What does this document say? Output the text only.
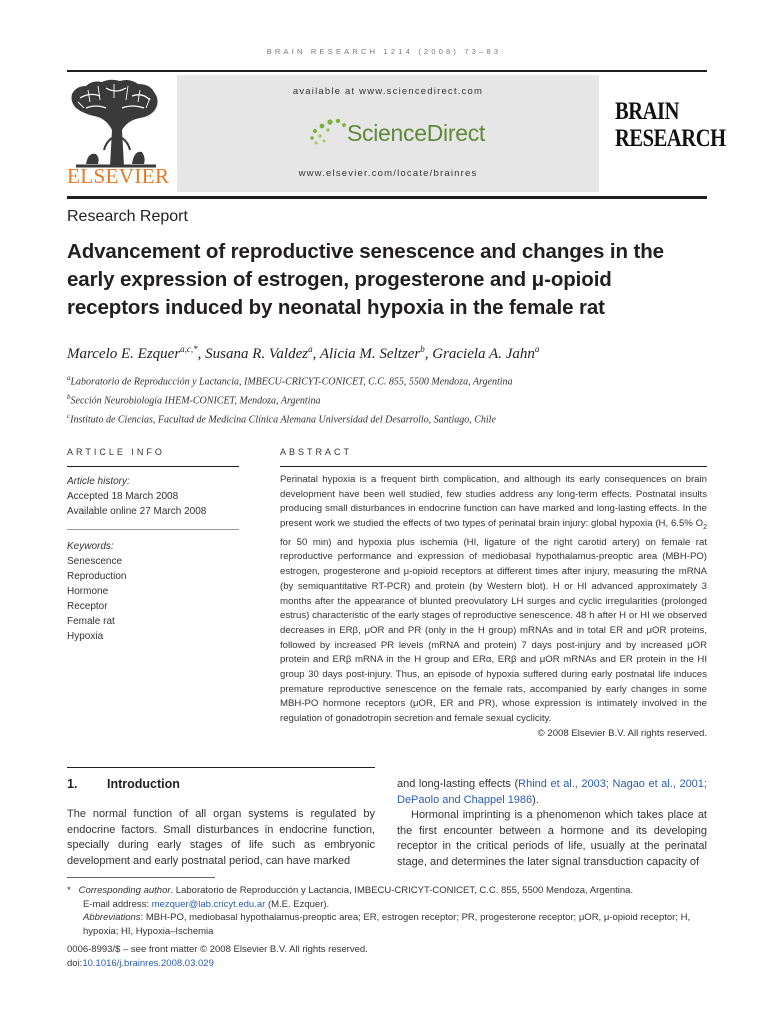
BRAIN RESEARCH 1214 (2008) 73–83
ELSEVIER
available at www.sciencedirect.com
ScienceDirect
www.elsevier.com/locate/brainres
BRAIN
RESEARCH
Research Report
Advancement of reproductive senescence and changes in the
early expression of estrogen, progesterone and μ-opioid
receptors induced by neonatal hypoxia in the female rat
Marcelo E. Ezquer$^{a,c,*}$, Susana R. Valdez$^a$, Alicia M. Seltzer$^b$, Graciela A. Jahn$^a$
$^a$Laboratorio de Reproducción y Lactancia, IMBECU-CRICYT-CONICET, C.C. 855, 5500 Mendoza, Argentina
$^b$Sección Neurobiología IHEM-CONICET, Mendoza, Argentina
$^c$Instituto de Ciencias, Facultad de Medicina Clínica Alemana Universidad del Desarrollo, Santiago, Chile
ARTICLE INFO	ABSTRACT
Article history:
Accepted 18 March 2008
Available online 27 March 2008
Keywords:
Senescence
Reproduction
Hormone
Receptor
Female rat
Hypoxia
Perinatal hypoxia is a frequent birth complication, and although its early consequences on brain development have been well studied, few studies address any long-term effects. Postnatal insults producing small disturbances in endocrine function can have marked and long-lasting effects. In the present work we studied the effects of two types of perinatal brain injury: global hypoxia (H, 6.5% $O_2$ for 50 min) and hypoxia plus ischemia (HI, ligature of the right carotid artery) on female rat reproductive performance and expression of mediobasal hypothalamus-preoptic area (MBH-PO) estrogen, progesterone and μ-opioid receptors at different times after injury, measuring the mRNA (by semiquantitative RT-PCR) and protein (by Western blot). H or HI advanced approximately 3 months after the appearance of blunted preovulatory LH surges and cyclic irregularities (prolonged estrus) characteristic of the early stages of reproductive senescence. 48 h after H or HI we observed decreases in ERβ, μOR and PR (only in the H group) mRNAs and in total ER and μOR proteins, followed by increased PR levels (mRNA and protein) 7 days post-injury and by increased μOR protein and ERβ mRNA in the H group and ERα, ERβ and μOR mRNAs and ER protein in the HI group 30 days post-injury. Thus, an episode of hypoxia suffered during early postnatal life induces premature reproductive senescence on the female rats, accompanied by early changes in some MBH-PO hormone receptors (μOR, ER and PR), whose expression is intimately involved in the regulation of gonadotropin secretion and female sexual cyclicity.
© 2008 Elsevier B.V. All rights reserved.
1. Introduction
The normal function of all organ systems is regulated by endocrine factors. Small disturbances in endocrine function, specially during early stages of life such as embryonic development and early postnatal period, can have marked

and long-lasting effects (Rhind et al., 2003; Nagao et al., 2001; DePaolo and Chappel 1986).

Hormonal imprinting is a phenomenon which takes place at the first encounter between a hormone and its developing receptor in the critical periods of life, usually at the perinatal stage, and determines the later signal transduction capacity of

* Corresponding author. Laboratorio de Reproducción y Lactancia, IMBECU-CRICYT-CONICET, C.C. 855, 5500 Mendoza, Argentina.
E-mail address: mezquer@lab.cricyt.edu.ar (M.E. Ezquer).
Abbreviations: MBH-PO, mediobasal hypothalamus-preoptic area; ER, estrogen receptor; PR, progesterone receptor; μOR, μ-opioid receptor; H, hypoxia; HI, Hypoxia–Ischemia
0006-8993/$ – see front matter © 2008 Elsevier B.V. All rights reserved.
doi:10.1016/j.brainres.2008.03.029
